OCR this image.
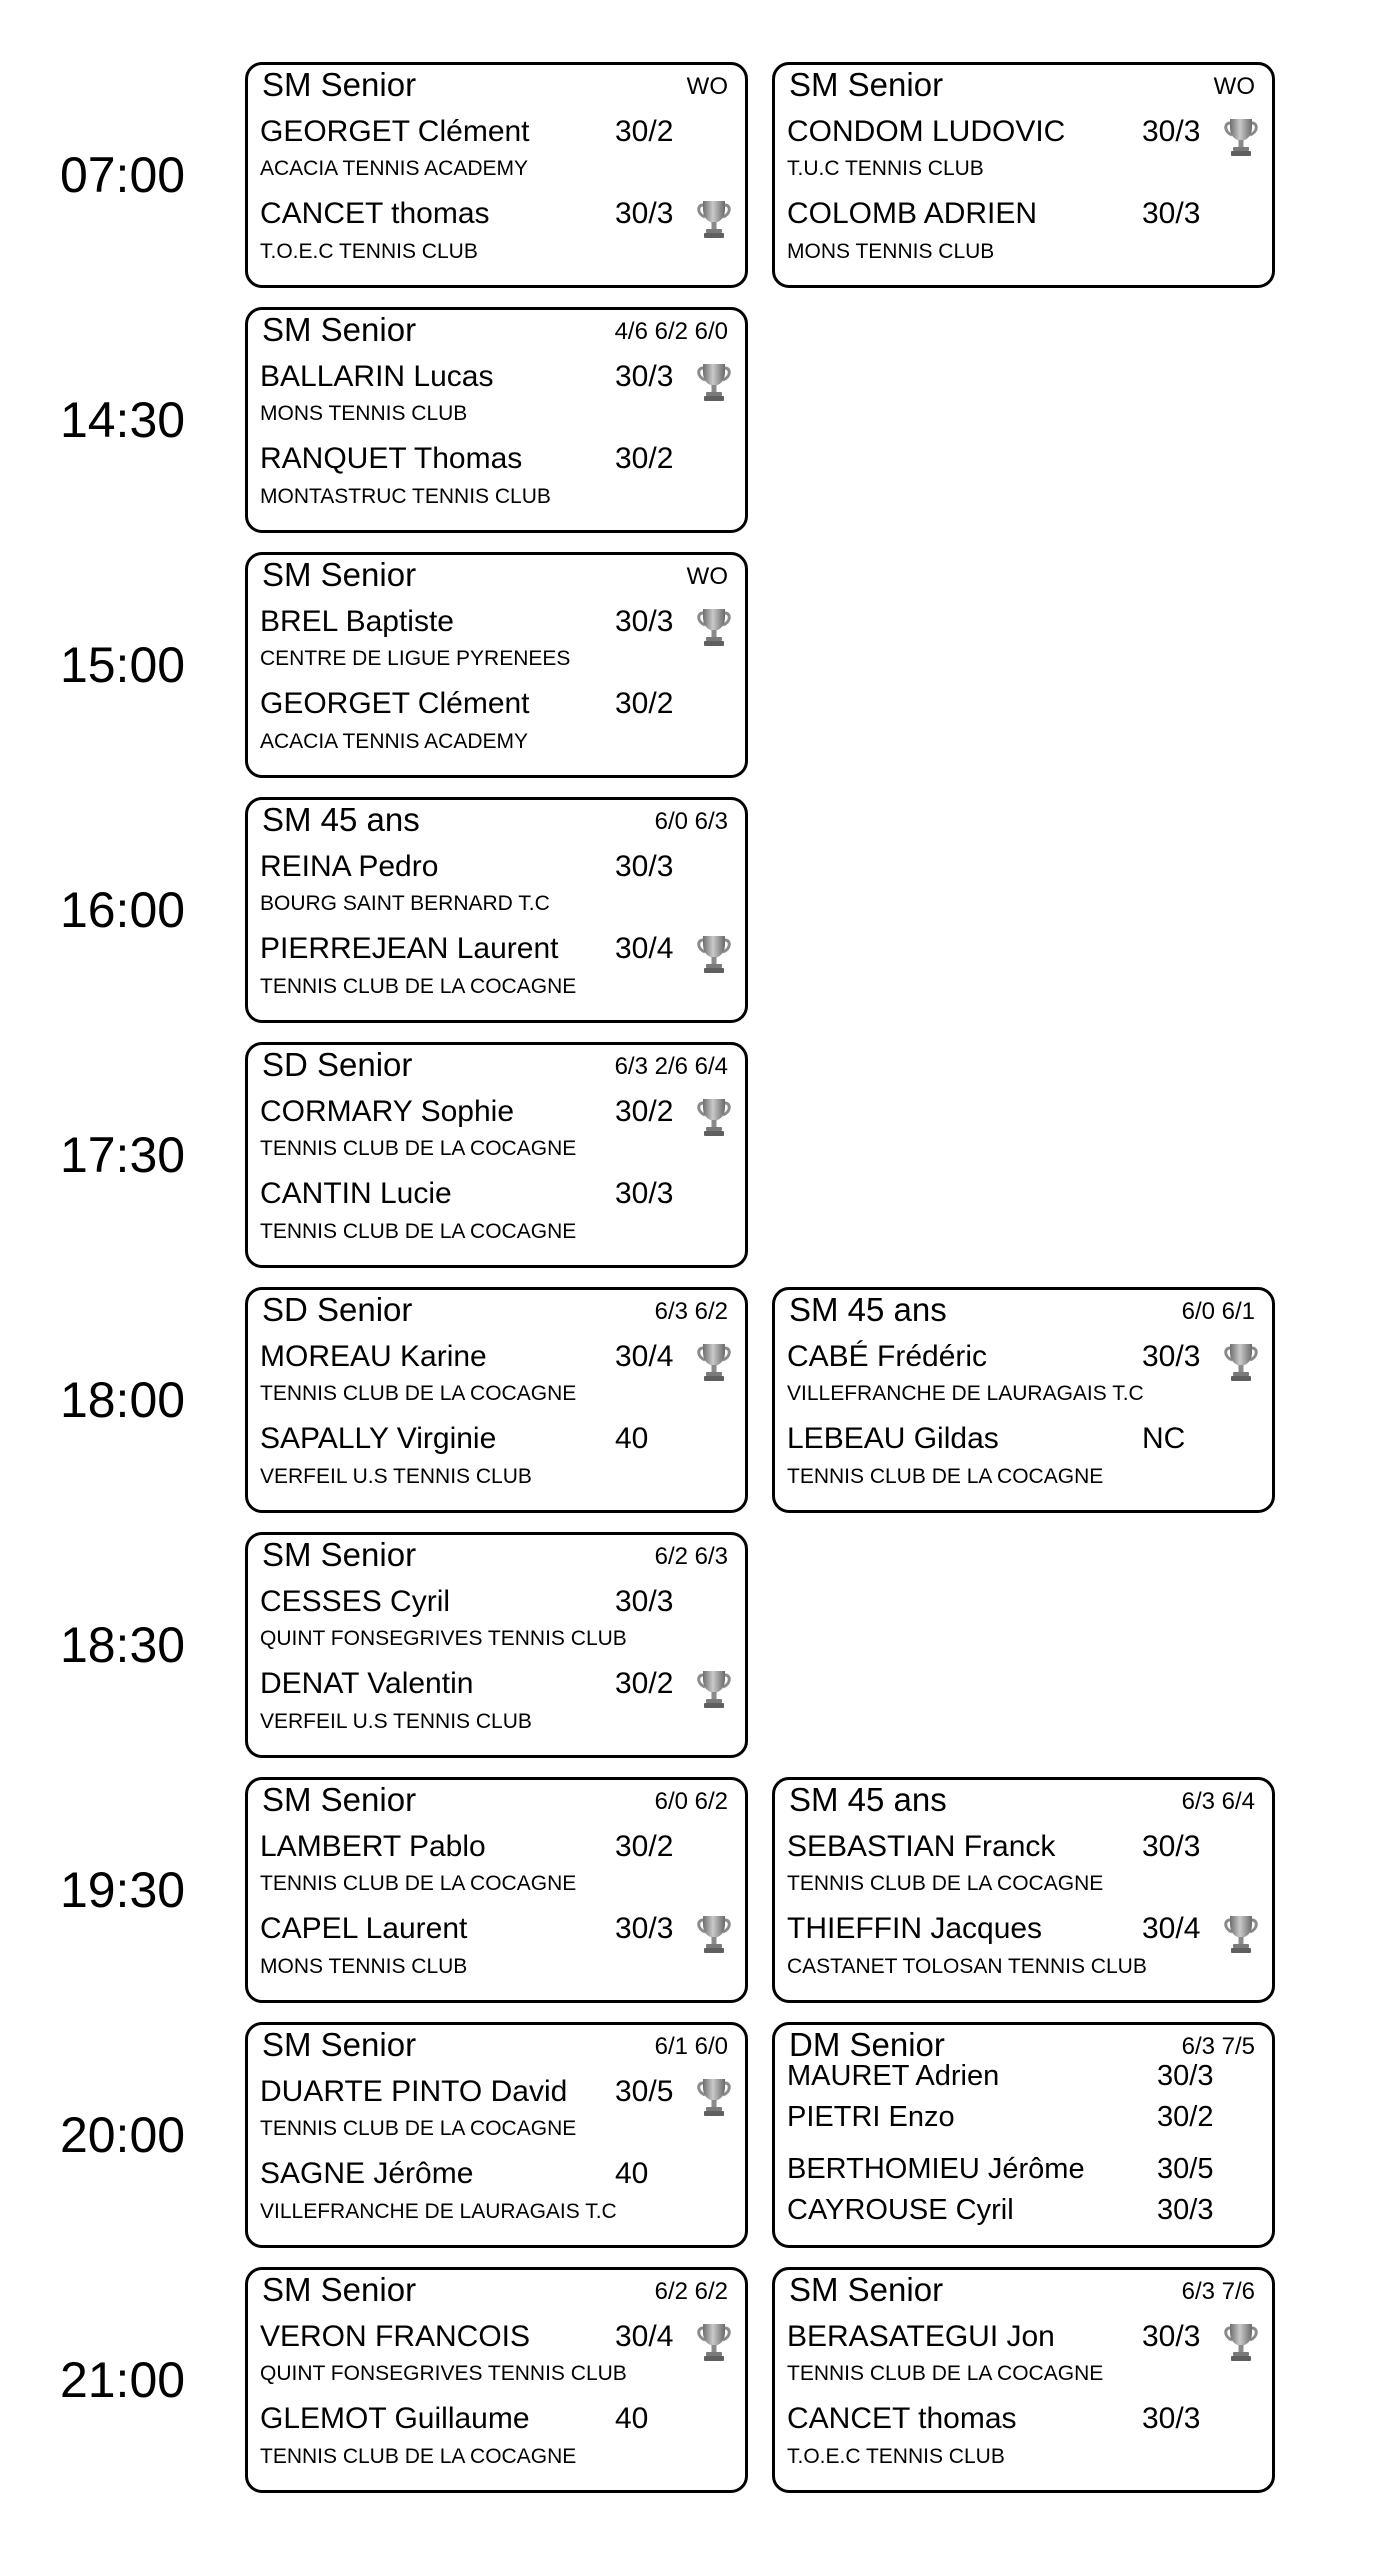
07:00
SM Senior	WO
GEORGET Clément	30/2
ACACIA TENNIS ACADEMY
CANCET thomas	30/3
T.O.E.C TENNIS CLUB
SM Senior	WO
CONDOM LUDOVIC	30/3
T.U.C TENNIS CLUB
COLOMB ADRIEN	30/3
MONS TENNIS CLUB
14:30
SM Senior	4/6 6/2 6/0
BALLARIN Lucas	30/3
MONS TENNIS CLUB
RANQUET Thomas	30/2
MONTASTRUC TENNIS CLUB
15:00
SM Senior	WO
BREL Baptiste	30/3
CENTRE DE LIGUE PYRENEES
GEORGET Clément	30/2
ACACIA TENNIS ACADEMY
16:00
SM 45 ans	6/0 6/3
REINA Pedro	30/3
BOURG SAINT BERNARD T.C
PIERREJEAN Laurent 30/4
TENNIS CLUB DE LA COCAGNE
17:30
SD Senior	6/3 2/6 6/4
CORMARY Sophie	30/2
TENNIS CLUB DE LA COCAGNE
CANTIN Lucie	30/3
TENNIS CLUB DE LA COCAGNE
18:00
SD Senior	6/3 6/2
MOREAU Karine	30/4
TENNIS CLUB DE LA COCAGNE
SAPALLY Virginie	40
VERFEIL U.S TENNIS CLUB
SM 45 ans	6/0 6/1
CABÉ Frédéric	30/3
VILLEFRANCHE DE LAURAGAIS T.C
LEBEAU Gildas	NC
TENNIS CLUB DE LA COCAGNE
18:30
SM Senior	6/2 6/3
CESSES Cyril	30/3
QUINT FONSEGRIVES TENNIS CLUB
DENAT Valentin	30/2
VERFEIL U.S TENNIS CLUB
19:30
SM Senior	6/0 6/2
LAMBERT Pablo	30/2
TENNIS CLUB DE LA COCAGNE
CAPEL Laurent	30/3
MONS TENNIS CLUB
SM 45 ans	6/3 6/4
SEBASTIAN Franck	30/3
TENNIS CLUB DE LA COCAGNE
THIEFFIN Jacques	30/4
CASTANET TOLOSAN TENNIS CLUB
20:00
SM Senior	6/1 6/0
DUARTE PINTO David 30/5
TENNIS CLUB DE LA COCAGNE
SAGNE Jérôme	40
VILLEFRANCHE DE LAURAGAIS T.C
DM Senior	6/3 7/5
MAURET Adrien	30/3
PIETRI Enzo	30/2
BERTHOMIEU Jérôme 30/5
CAYROUSE Cyril	30/3
21:00
SM Senior	6/2 6/2
VERON FRANCOIS	30/4
QUINT FONSEGRIVES TENNIS CLUB
GLEMOT Guillaume	40
TENNIS CLUB DE LA COCAGNE
SM Senior	6/3 7/6
BERASATEGUI Jon	30/3
TENNIS CLUB DE LA COCAGNE
CANCET thomas	30/3
T.O.E.C TENNIS CLUB
